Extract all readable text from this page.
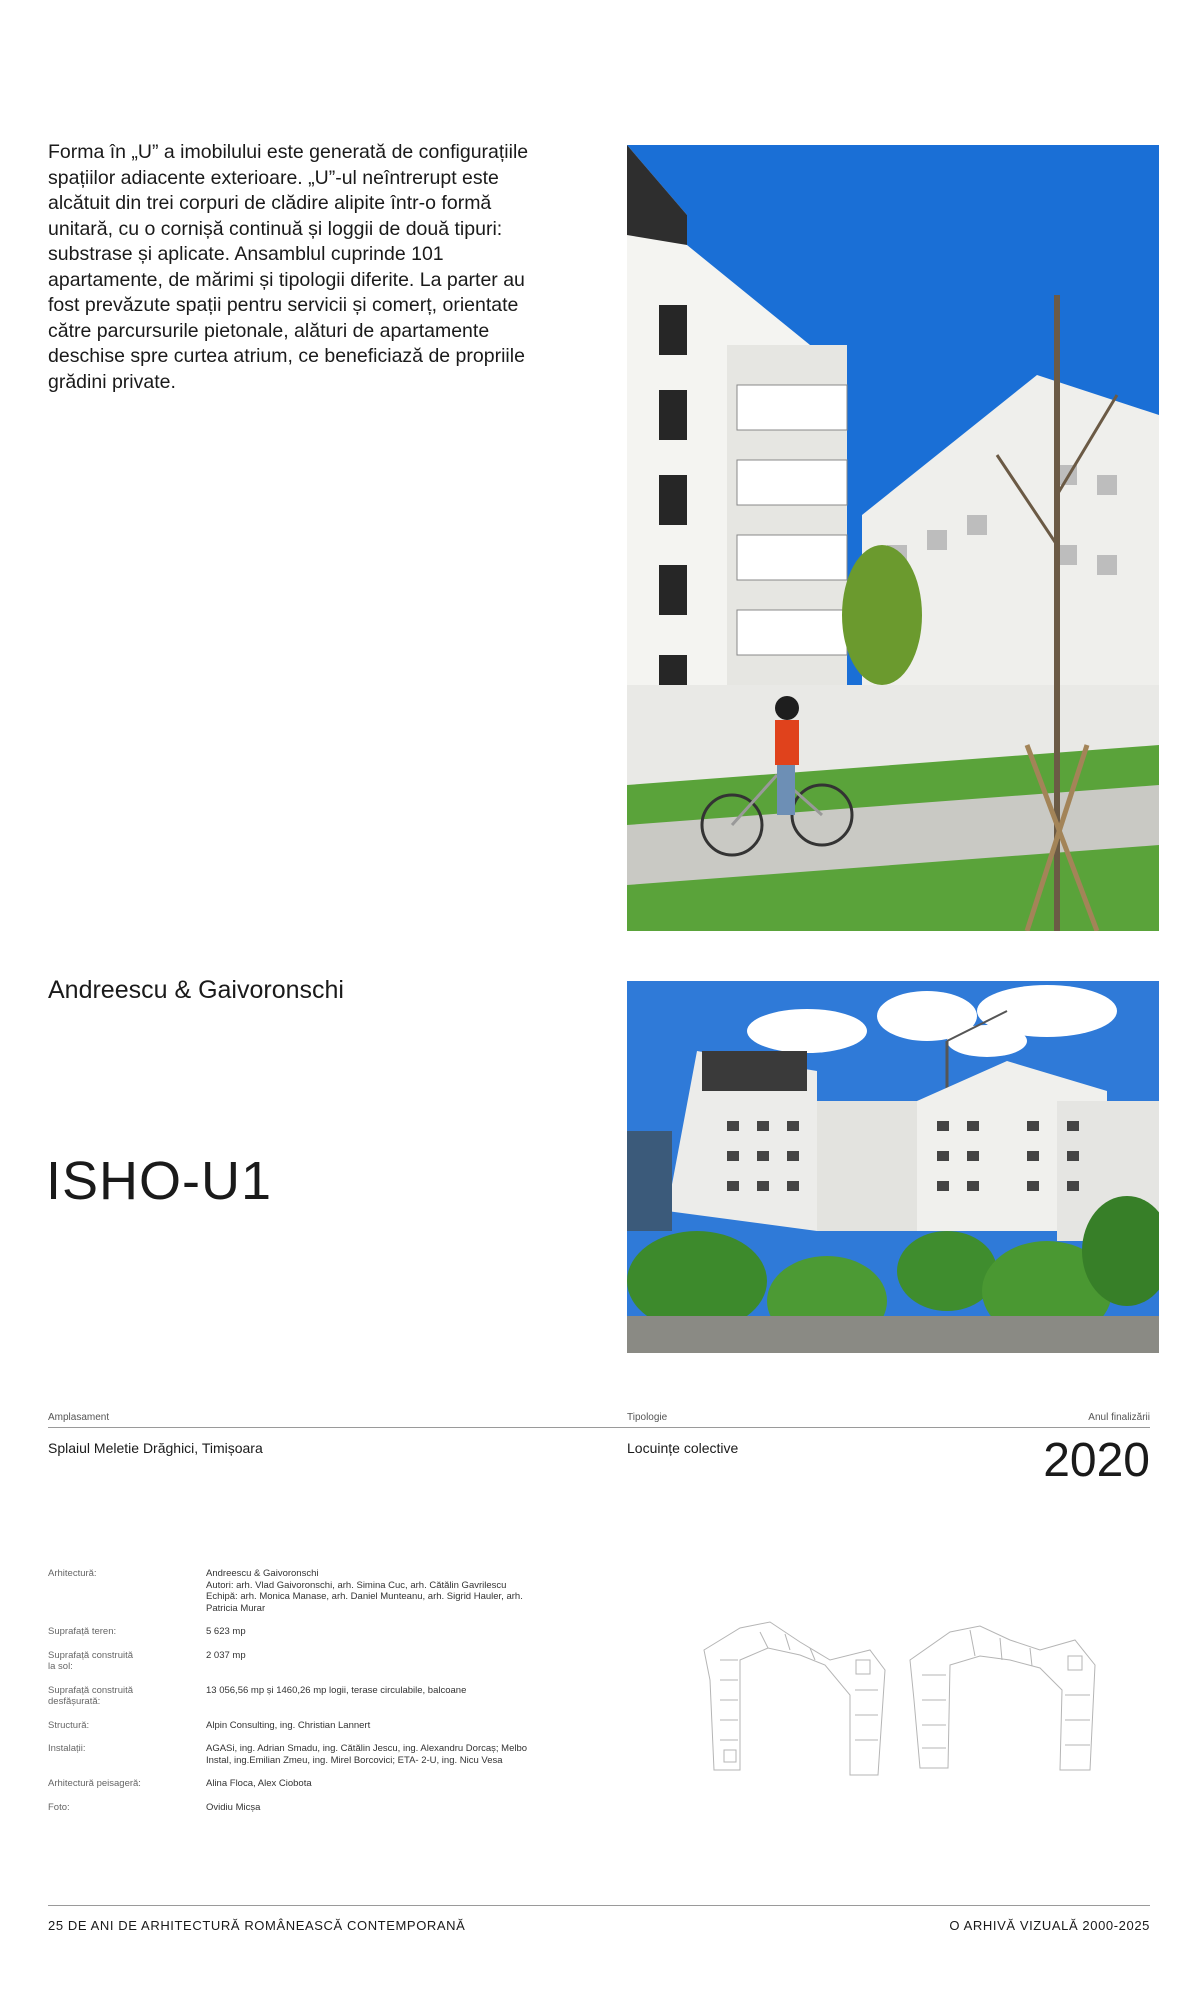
Forma în „U” a imobilului este generată de configurațiile spațiilor adiacente exterioare. „U”-ul neîntrerupt este alcătuit din trei corpuri de clădire alipite într-o formă unitară, cu o cornișă continuă și loggii de două tipuri: substrase și aplicate. Ansamblul cuprinde 101 apartamente, de mărimi și tipologii diferite. La parter au fost prevăzute spații pentru servicii și comerț, orientate către parcursurile pietonale, alături de apartamente deschise spre curtea atrium, ce beneficiază de propriile grădini private.

Andreescu & Gaivoronschi
ISHO-U1
Amplasament	Tipologie	Anul finalizării
Splaiul Meletie Drăghici, Timișoara	Locuințe colective	2020
Arhitectură:	Andreescu & Gaivoronschi
Autori: arh. Vlad Gaivoronschi, arh. Simina Cuc, arh. Cătălin Gavrilescu
Echipă: arh. Monica Manase, arh. Daniel Munteanu, arh. Sigrid Hauler, arh. Patricia Murar
Suprafață teren:	5 623 mp
Suprafață construită
la sol:
2 037 mp
Suprafață construită
desfășurată:
13 056,56 mp și 1460,26 mp logii, terase circulabile, balcoane
Structură:	Alpin Consulting, ing. Christian Lannert
Instalații:	AGASi, ing. Adrian Smadu, ing. Cătălin Jescu, ing. Alexandru Dorcaș; Melbo Instal, ing.Emilian Zmeu, ing. Mirel Borcovici; ETA- 2-U, ing. Nicu Vesa
Arhitectură peisageră:	Alina Floca, Alex Ciobota
Foto:	Ovidiu Micșa
25 DE ANI DE ARHITECTURĂ ROMÂNEASCĂ CONTEMPORANĂ	O ARHIVĂ VIZUALĂ 2000-2025
